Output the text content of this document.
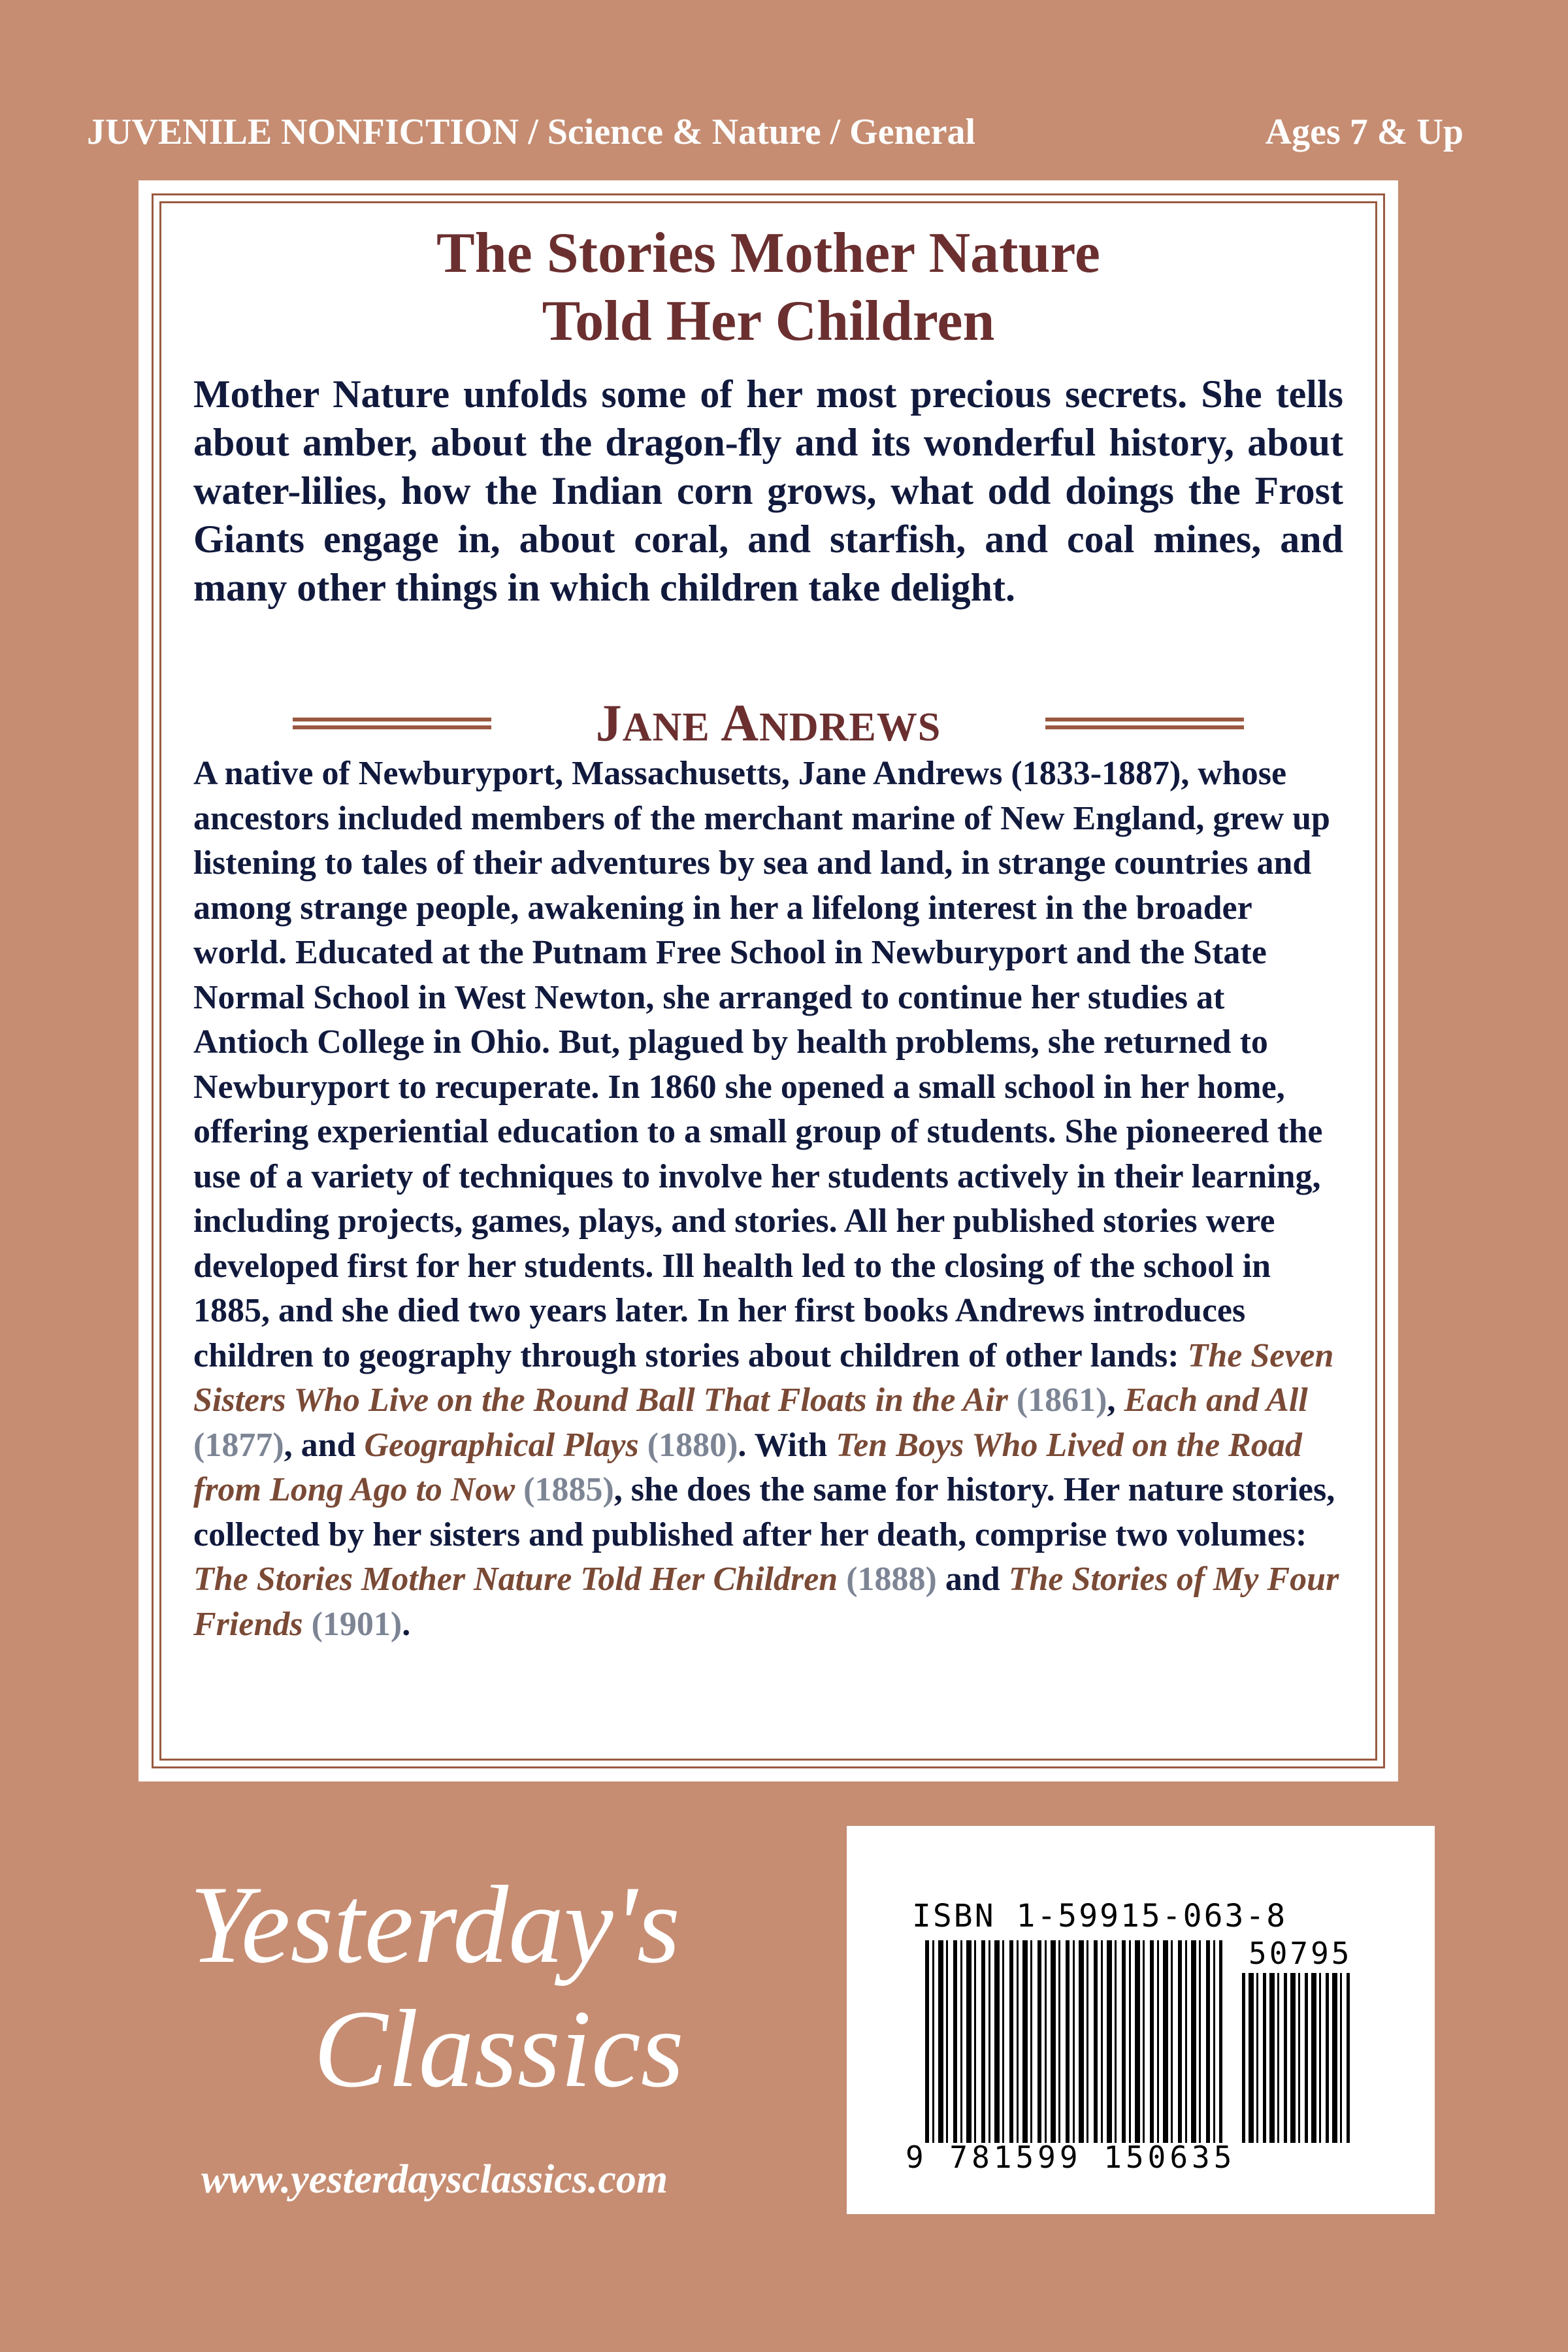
JUVENILE NONFICTION / Science & Nature / General	Ages 7 & Up
The Stories Mother Nature
Told Her Children
Mother Nature unfolds some of her most precious secrets. She tells about amber, about the dragon-fly and its wonderful history, about water-lilies, how the Indian corn grows, what odd doings the Frost Giants engage in, about coral, and starfish, and coal mines, and many other things in which children take delight.
JANE ANDREWS
A native of Newburyport, Massachusetts, Jane Andrews (1833-1887), whose ancestors included members of the merchant marine of New England, grew up listening to tales of their adventures by sea and land, in strange countries and among strange people, awakening in her a lifelong interest in the broader world. Educated at the Putnam Free School in Newburyport and the State Normal School in West Newton, she arranged to continue her studies at Antioch College in Ohio. But, plagued by health problems, she returned to Newburyport to recuperate. In 1860 she opened a small school in her home, offering experiential education to a small group of students. She pioneered the use of a variety of techniques to involve her students actively in their learning, including projects, games, plays, and stories. All her published stories were developed first for her students. Ill health led to the closing of the school in 1885, and she died two years later. In her first books Andrews introduces children to geography through stories about children of other lands: The Seven Sisters Who Live on the Round Ball That Floats in the Air (1861), Each and All (1877), and Geographical Plays (1880). With Ten Boys Who Lived on the Road from Long Ago to Now (1885), she does the same for history. Her nature stories, collected by her sisters and published after her death, comprise two volumes: The Stories Mother Nature Told Her Children (1888) and The Stories of My Four Friends (1901).
Yesterday's
Classics
www.yesterdaysclassics.com
ISBN 1-59915-063-8
50795
9 781599 150635
